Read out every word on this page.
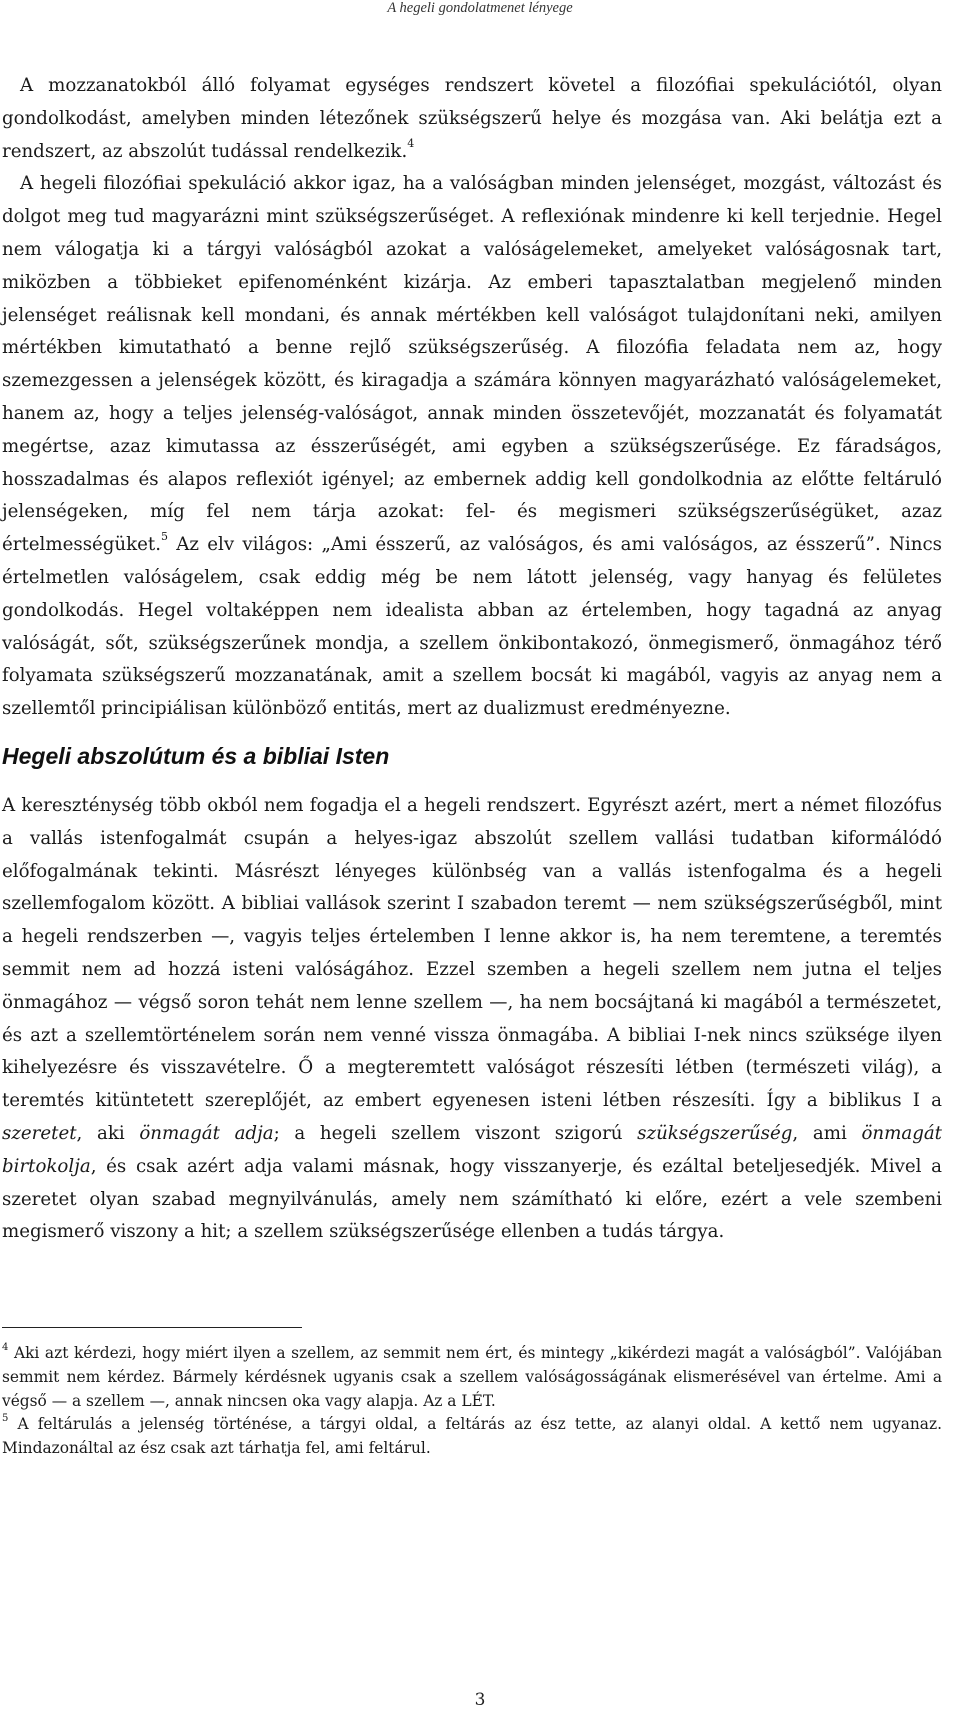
A hegeli gondolatmenet lényege

A mozzanatokból álló folyamat egységes rendszert követel a filozófiai spekulációtól, olyan gondolkodást, amelyben minden létezőnek szükségszerű helye és mozgása van. Aki belátja ezt a rendszert, az abszolút tudással rendelkezik.$^4$

A hegeli filozófiai spekuláció akkor igaz, ha a valóságban minden jelenséget, mozgást, változást és dolgot meg tud magyarázni mint szükségszerűséget. A reflexiónak mindenre ki kell terjednie. Hegel nem válogatja ki a tárgyi valóságból azokat a valóságelemeket, amelyeket valóságosnak tart, miközben a többieket epifenoménként kizárja. Az emberi tapasztalatban megjelenő minden jelenséget reálisnak kell mondani, és annak mértékben kell valóságot tulajdonítani neki, amilyen mértékben kimutatható a benne rejlő szükségszerűség. A filozófia feladata nem az, hogy szemezgessen a jelenségek között, és kiragadja a számára könnyen magyarázható valóságelemeket, hanem az, hogy a teljes jelenség-valóságot, annak minden összetevőjét, mozzanatát és folyamatát megértse, azaz kimutassa az ésszerűségét, ami egyben a szükségszerűsége. Ez fáradságos, hosszadalmas és alapos reflexiót igényel; az embernek addig kell gondolkodnia az előtte feltáruló jelenségeken, míg fel nem tárja azokat: fel- és megismeri szükségszerűségüket, azaz értelmességüket.$^5$ Az elv világos: „Ami ésszerű, az valóságos, és ami valóságos, az ésszerű”. Nincs értelmetlen valóságelem, csak eddig még be nem látott jelenség, vagy hanyag és felületes gondolkodás. Hegel voltaképpen nem idealista abban az értelemben, hogy tagadná az anyag valóságát, sőt, szükségszerűnek mondja, a szellem önkibontakozó, önmegismerő, önmagához térő folyamata szükségszerű mozzanatának, amit a szellem bocsát ki magából, vagyis az anyag nem a szellemtől principiálisan különböző entitás, mert az dualizmust eredményezne.

Hegeli abszolútum és a bibliai Isten

A kereszténység több okból nem fogadja el a hegeli rendszert. Egyrészt azért, mert a német filozófus a vallás istenfogalmát csupán a helyes-igaz abszolút szellem vallási tudatban kiformálódó előfogalmának tekinti. Másrészt lényeges különbség van a vallás istenfogalma és a hegeli szellemfogalom között. A bibliai vallások szerint I szabadon teremt — nem szükségszerűségből, mint a hegeli rendszerben —, vagyis teljes értelemben I lenne akkor is, ha nem teremtene, a teremtés semmit nem ad hozzá isteni valóságához. Ezzel szemben a hegeli szellem nem jutna el teljes önmagához — végső soron tehát nem lenne szellem —, ha nem bocsájtaná ki magából a természetet, és azt a szellemtörténelem során nem venné vissza önmagába. A bibliai I-nek nincs szüksége ilyen kihelyezésre és visszavételre. Ő a megteremtett valóságot részesíti létben (természeti világ), a teremtés kitüntetett szereplőjét, az embert egyenesen isteni létben részesíti. Így a biblikus I a szeretet, aki önmagát adja; a hegeli szellem viszont szigorú szükségszerűség, ami önmagát birtokolja, és csak azért adja valami másnak, hogy visszanyerje, és ezáltal beteljesedjék. Mivel a szeretet olyan szabad megnyilvánulás, amely nem számítható ki előre, ezért a vele szembeni megismerő viszony a hit; a szellem szükségszerűsége ellenben a tudás tárgya.

$^4$ Aki azt kérdezi, hogy miért ilyen a szellem, az semmit nem ért, és mintegy „kikérdezi magát a valóságból”. Valójában semmit nem kérdez. Bármely kérdésnek ugyanis csak a szellem valóságosságának elismerésével van értelme. Ami a végső — a szellem —, annak nincsen oka vagy alapja. Az a LÉT.

$^5$ A feltárulás a jelenség történése, a tárgyi oldal, a feltárás az ész tette, az alanyi oldal. A kettő nem ugyanaz. Mindazonáltal az ész csak azt tárhatja fel, ami feltárul.

3
